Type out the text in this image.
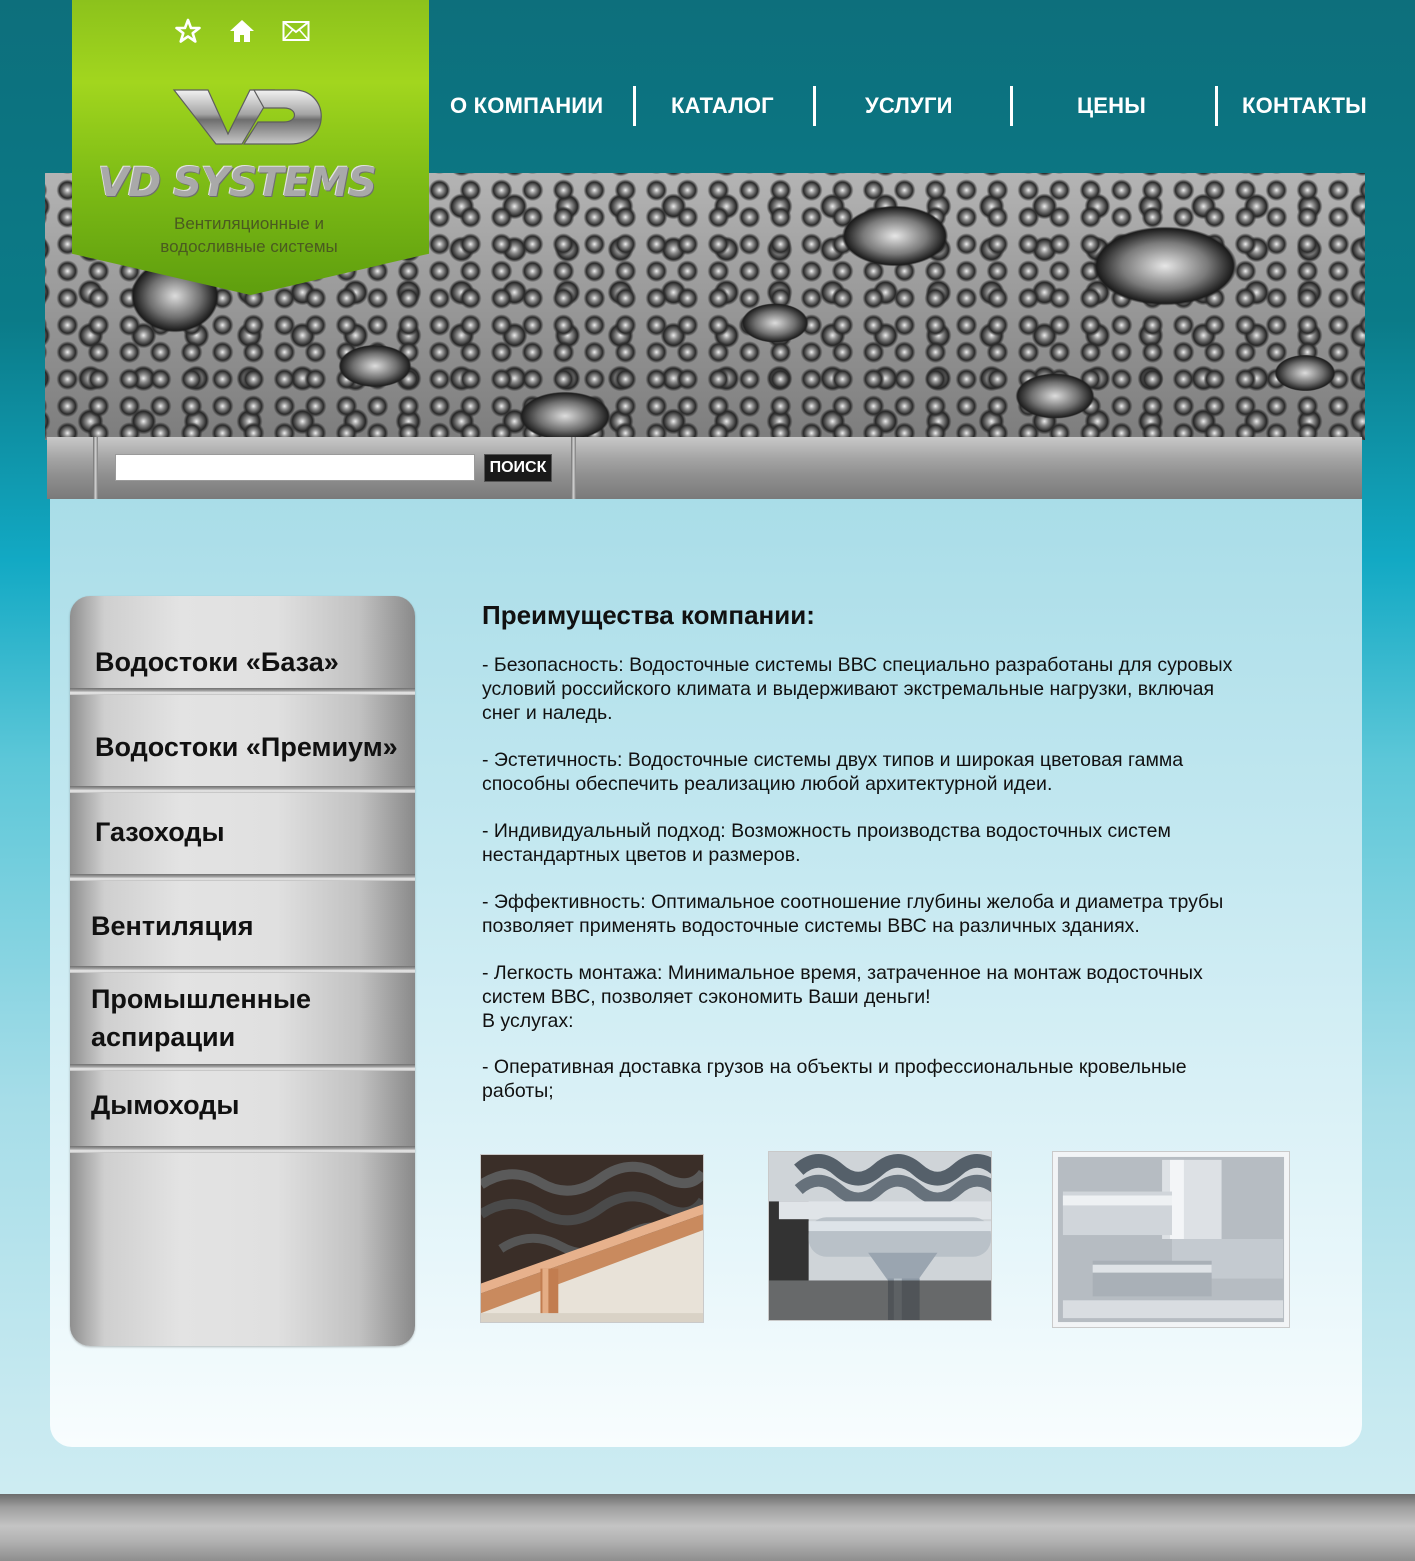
О КОМПАНИИ	КАТАЛОГ	УСЛУГИ	ЦЕНЫ	КОНТАКТЫ
VD SYSTEMS
Вентиляционные и
водосливные системы
ПОИСК
Водостоки «База»
Водостоки «Премиум»
Газоходы
Вентиляция
Промышленные
аспирации
Дымоходы
Преимущества компании:
- Безопасность: Водосточные системы ВВС специально разработаны для суровых
условий российского климата и выдерживают экстремальные нагрузки, включая
снег и наледь.
- Эстетичность: Водосточные системы двух типов и широкая цветовая гамма
способны обеспечить реализацию любой архитектурной идеи.
- Индивидуальный подход: Возможность производства водосточных систем
нестандартных цветов и размеров.
- Эффективность: Оптимальное соотношение глубины желоба и диаметра трубы
позволяет применять водосточные системы ВВС на различных зданиях.
- Легкость монтажа: Минимальное время, затраченное на монтаж водосточных
систем ВВС, позволяет сэкономить Ваши деньги!
В услугах:
- Оперативная доставка грузов на объекты и профессиональные кровельные
работы;
